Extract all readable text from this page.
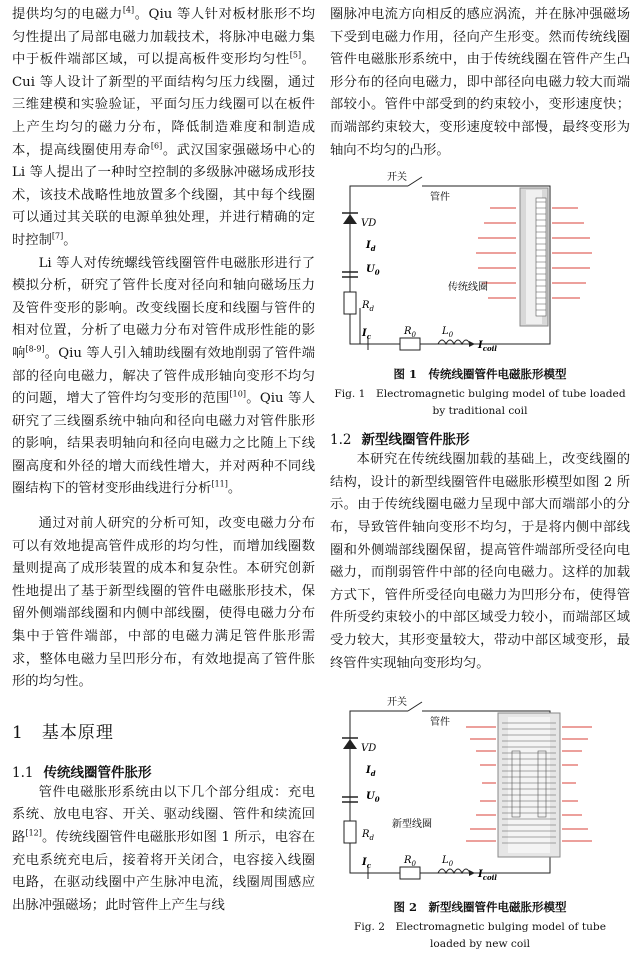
提供均匀的电磁力[4]。Qiu 等人针对板材胀形不均匀性提出了局部电磁力加载技术，将脉冲电磁力集中于板件端部区域，可以提高板件变形均匀性[5]。Cui 等人设计了新型的平面结构匀压力线圈，通过三维建模和实验验证，平面匀压力线圈可以在板件上产生均匀的磁力分布，降低制造难度和制造成本，提高线圈使用寿命[6]。武汉国家强磁场中心的 Li 等人提出了一种时空控制的多级脉冲磁场成形技术，该技术战略性地放置多个线圈，其中每个线圈可以通过其关联的电源单独处理，并进行精确的定时控制[7]。

Li 等人对传统螺线管线圈管件电磁胀形进行了模拟分析，研究了管件长度对径向和轴向磁场压力及管件变形的影响。改变线圈长度和线圈与管件的相对位置，分析了电磁力分布对管件成形性能的影响[8-9]。Qiu 等人引入辅助线圈有效地削弱了管件端部的径向电磁力，解决了管件成形轴向变形不均匀的问题，增大了管件均匀变形的范围[10]。Qiu 等人研究了三线圈系统中轴向和径向电磁力对管件胀形的影响，结果表明轴向和径向电磁力之比随上下线圈高度和外径的增大而线性增大，并对两种不同线圈结构下的管材变形曲线进行分析[11]。

通过对前人研究的分析可知，改变电磁力分布可以有效地提高管件成形的均匀性，而增加线圈数量则提高了成形装置的成本和复杂性。本研究创新性地提出了基于新型线圈的管件电磁胀形技术，保留外侧端部线圈和内侧中部线圈，使得电磁力分布集中于管件端部，中部的电磁力满足管件胀形需求，整体电磁力呈凹形分布，有效地提高了管件胀形的均匀性。

1　 基本原理
1.1 传统线圈管件胀形

管件电磁胀形系统由以下几个部分组成：充电系统、放电电容、开关、驱动线圈、管件和续流回路[12]。传统线圈管件电磁胀形如图 1 所示，电容在充电系统充电后，接着将开关闭合，电容接入线圈电路，在驱动线圈中产生脉冲电流，线圈周围感应出脉冲强磁场；此时管件上产生与线

圈脉冲电流方向相反的感应涡流，并在脉冲强磁场下受到电磁力作用，径向产生形变。然而传统线圈管件电磁胀形系统中，由于传统线圈在管件产生凸形分布的径向电磁力，即中部径向电磁力较大而端部较小。管件中部受到的约束较小，变形速度快；而端部约束较大，变形速度较中部慢，最终变形为轴向不均匀的凸形。

开关
管件
VD
$I_d$
$U_0$
$R_d$
传统线圈
$I_c$	$R_0$	$L_0$
$I_{coil}$
图 1　传统线圈管件电磁胀形模型
Fig. 1　Electromagnetic bulging model of tube loaded
by traditional coil
1.2 新型线圈管件胀形

本研究在传统线圈加载的基础上，改变线圈的结构，设计的新型线圈管件电磁胀形模型如图 2 所示。由于传统线圈电磁力呈现中部大而端部小的分布，导致管件轴向变形不均匀，于是将内侧中部线圈和外侧端部线圈保留，提高管件端部所受径向电磁力，而削弱管件中部的径向电磁力。这样的加载方式下，管件所受径向电磁力为凹形分布，使得管件所受约束较小的中部区域受力较小，而端部区域受力较大，其形变量较大，带动中部区域变形，最终管件实现轴向变形均匀。

开关
管件
VD
$I_d$
$U_0$
$R_d$
新型线圈
$I_c$	$R_0$	$L_0$
$I_{coil}$
图 2　新型线圈管件电磁胀形模型
Fig. 2　Electromagnetic bulging model of tube
loaded by new coil
